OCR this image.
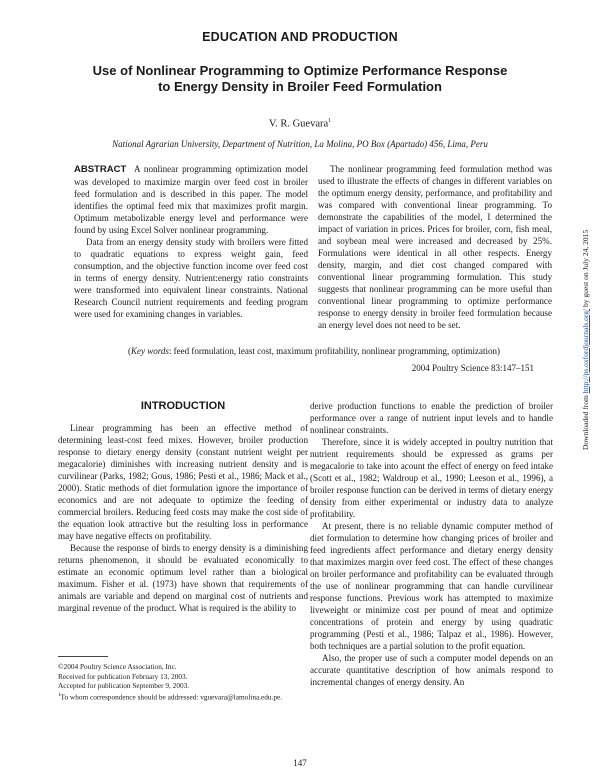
EDUCATION AND PRODUCTION
Use of Nonlinear Programming to Optimize Performance Response
to Energy Density in Broiler Feed Formulation
V. R. Guevara$^1$
National Agrarian University, Department of Nutrition, La Molina, PO Box (Apartado) 456, Lima, Peru

ABSTRACT A nonlinear programming optimization model was developed to maximize margin over feed cost in broiler feed formulation and is described in this paper. The model identifies the optimal feed mix that maximizes profit margin. Optimum metabolizable energy level and performance were found by using Excel Solver nonlinear programming.

Data from an energy density study with broilers were fitted to quadratic equations to express weight gain, feed consumption, and the objective function income over feed cost in terms of energy density. Nutrient:energy ratio constraints were transformed into equivalent linear constraints. National Research Council nutrient requirements and feeding program were used for examining changes in variables.

The nonlinear programming feed formulation method was used to illustrate the effects of changes in different variables on the optimum energy density, performance, and profitability and was compared with conventional linear programming. To demonstrate the capabilities of the model, I determined the impact of variation in prices. Prices for broiler, corn, fish meal, and soybean meal were increased and decreased by 25%. Formulations were identical in all other respects. Energy density, margin, and diet cost changed compared with conventional linear programming formulation. This study suggests that nonlinear programming can be more useful than conventional linear programming to optimize performance response to energy density in broiler feed formulation because an energy level does not need to be set.

(Key words: feed formulation, least cost, maximum profitability, nonlinear programming, optimization)
2004 Poultry Science 83:147–151
INTRODUCTION

Linear programming has been an effective method of determining least-cost feed mixes. However, broiler production response to dietary energy density (constant nutrient weight per megacalorie) diminishes with increasing nutrient density and is curvilinear (Parks, 1982; Gous, 1986; Pesti et al., 1986; Mack et al., 2000). Static methods of diet formulation ignore the importance of economics and are not adequate to optimize the feeding of commercial broilers. Reducing feed costs may make the cost side of the equation look attractive but the resulting loss in performance may have negative effects on profitability.

Because the response of birds to energy density is a diminishing returns phenomenon, it should be evaluated economically to estimate an economic optimum level rather than a biological maximum. Fisher et al. (1973) have shown that requirements of animals are variable and depend on marginal cost of nutrients and marginal revenue of the product. What is required is the ability to

derive production functions to enable the prediction of broiler performance over a range of nutrient input levels and to handle nonlinear constraints.

Therefore, since it is widely accepted in poultry nutrition that nutrient requirements should be expressed as grams per megacalorie to take into acount the effect of energy on feed intake (Scott et al., 1982; Waldroup et al., 1990; Leeson et al., 1996), a broiler response function can be derived in terms of dietary energy density from either experimental or industry data to analyze profitability.

At present, there is no reliable dynamic computer method of diet formulation to determine how changing prices of broiler and feed ingredients affect performance and dietary energy density that maximizes margin over feed cost. The effect of these changes on broiler performance and profitability can be evaluated through the use of nonlinear programming that can handle curvilinear response functions. Previous work has attempted to maximize liveweight or minimize cost per pound of meat and optimize concentrations of protein and energy by using quadratic programming (Pesti et al., 1986; Talpaz et al., 1986). However, both techniques are a partial solution to the profit equation.

Also, the proper use of such a computer model depends on an accurate quantitative description of how animals respond to incremental changes of energy density. An

©2004 Poultry Science Association, Inc.
Received for publication February 13, 2003.
Accepted for publication September 9, 2003.
$^1$To whom correspondence should be addressed: vguevara@lamolina.edu.pe.
147
Downloaded from http://ps.oxfordjournals.org/ by guest on July 24, 2015
